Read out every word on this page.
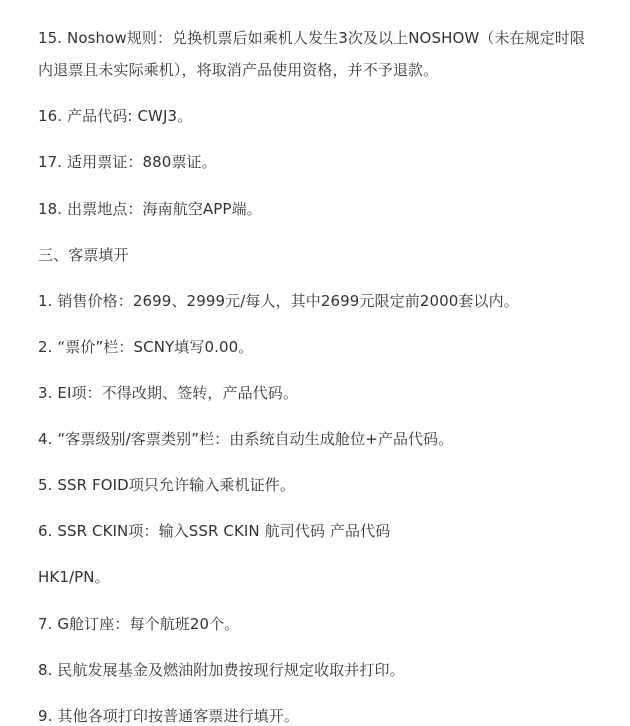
15. Noshow规则：兑换机票后如乘机人发生3次及以上NOSHOW（未在规定时限
内退票且未实际乘机），将取消产品使用资格，并不予退款。
16. 产品代码: CWJ3。
17. 适用票证：880票证。
18. 出票地点：海南航空APP端。
三、客票填开
1. 销售价格：2699、2999元/每人，其中2699元限定前2000套以内。
2. “票价”栏：SCNY填写0.00。
3. EI项：不得改期、签转，产品代码。
4. “客票级别/客票类别”栏：由系统自动生成舱位+产品代码。
5. SSR FOID项只允许输入乘机证件。
6. SSR CKIN项：输入SSR CKIN 航司代码 产品代码
HK1/PN。
7. G舱订座：每个航班20个。
8. 民航发展基金及燃油附加费按现行规定收取并打印。
9. 其他各项打印按普通客票进行填开。
